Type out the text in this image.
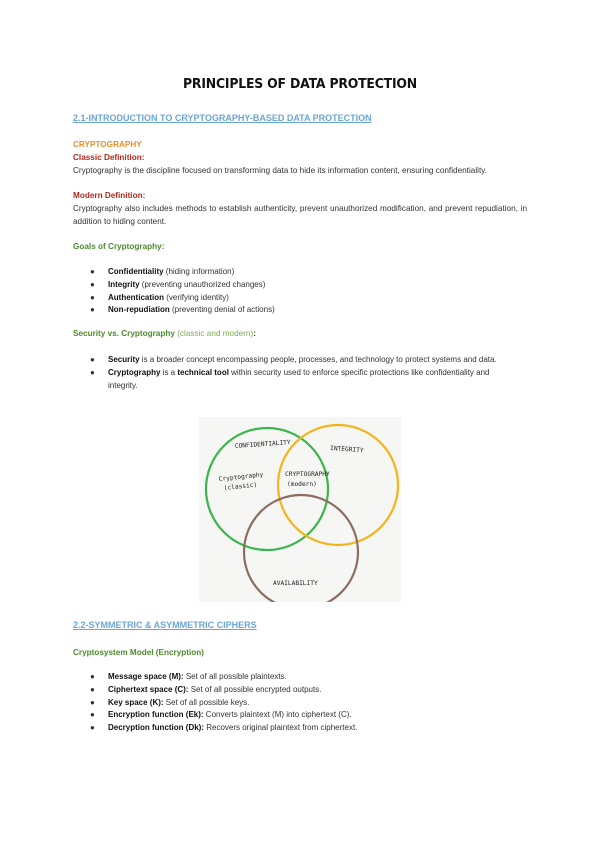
PRINCIPLES OF DATA PROTECTION
2.1-INTRODUCTION TO CRYPTOGRAPHY-BASED DATA PROTECTION
CRYPTOGRAPHY
Classic Definition:
Cryptography is the discipline focused on transforming data to hide its information content, ensuring confidentiality.
Modern Definition:
Cryptography also includes methods to establish authenticity, prevent unauthorized modification, and prevent repudiation, in addition to hiding content.
Goals of Cryptography:
● Confidentiality (hiding information)
● Integrity (preventing unauthorized changes)
● Authentication (verifying identity)
● Non-repudiation (preventing denial of actions)
Security vs. Cryptography (classic and modern):
● Security is a broader concept encompassing people, processes, and technology to protect systems and data.
● Cryptography is a technical tool within security used to enforce specific protections like confidentiality and integrity.
CONFIDENTIALITY	INTEGRITY
AVAILABILITY
Cryptography
(classic)
CRYPTOGRAPHY
(modern)
2.2-SYMMETRIC & ASYMMETRIC CIPHERS
Cryptosystem Model (Encryption)
● Message space (M): Set of all possible plaintexts.
● Ciphertext space (C): Set of all possible encrypted outputs.
● Key space (K): Set of all possible keys.
● Encryption function (Ek): Converts plaintext (M) into ciphertext (C).
● Decryption function (Dk): Recovers original plaintext from ciphertext.
